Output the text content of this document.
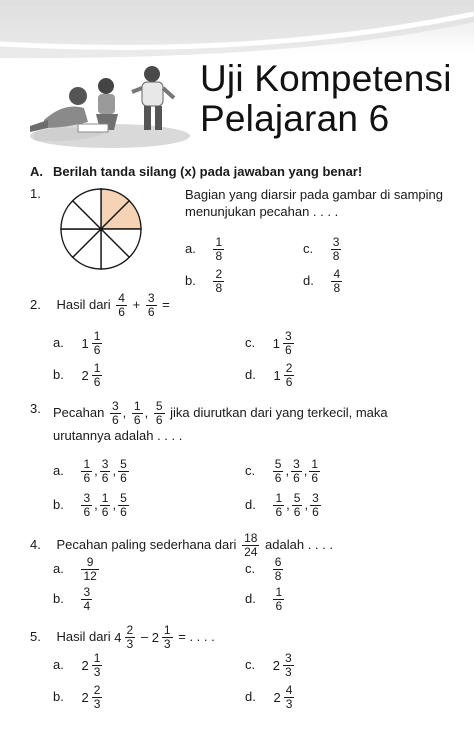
Uji Kompetensi
Pelajaran 6
A. Berilah tanda silang (x) pada jawaban yang benar!
1.	Bagian yang diarsir pada gambar di samping menunjukan pecahan . . . .
a. $\frac{1}{8}$	c. $\frac{3}{8}$
b. $\frac{2}{8}$	d. $\frac{4}{8}$
2. Hasil dari $\frac{4}{6} + \frac{3}{6}$ =
a. $1 \frac{1}{6}$	c. $1 \frac{3}{6}$
b. $2 \frac{1}{6}$	d. $1 \frac{2}{6}$
3. Pecahan $\frac{3}{6}$ , $\frac{1}{6}$ , $\frac{5}{6}$ jika diurutkan dari yang terkecil, maka urutannya adalah . . . .
a. $\frac{1}{6}$ , $\frac{3}{6}$ , $\frac{5}{6}$	c. $\frac{5}{6}$ , $\frac{3}{6}$ , $\frac{1}{6}$
b. $\frac{3}{6}$ , $\frac{1}{6}$ , $\frac{5}{6}$	d. $\frac{1}{6}$ , $\frac{5}{6}$ , $\frac{3}{6}$
4. Pecahan paling sederhana dari $\frac{18}{24}$ adalah . . . .
a. $\frac{9}{12}$	c. $\frac{6}{8}$
b. $\frac{3}{4}$	d. $\frac{1}{6}$
5. Hasil dari $4 \frac{2}{3} - 2 \frac{1}{3}$ = . . . .
a. $2 \frac{1}{3}$	c. $2 \frac{3}{3}$
b. $2 \frac{2}{3}$	d. $2 \frac{4}{3}$
